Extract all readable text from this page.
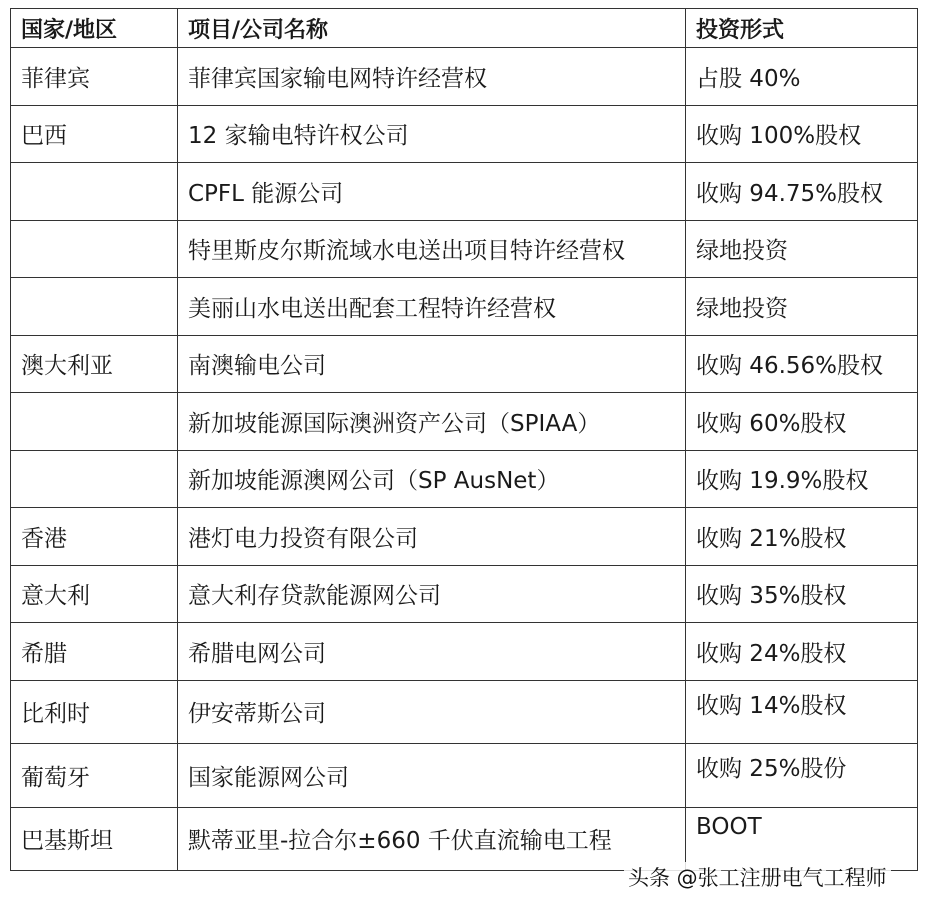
国家/地区	项目/公司名称	投资形式
菲律宾	菲律宾国家输电网特许经营权	占股 40%
巴西	12 家输电特许权公司	收购 100%股权
	CPFL 能源公司	收购 94.75%股权
	特里斯皮尔斯流域水电送出项目特许经营权	绿地投资
	美丽山水电送出配套工程特许经营权	绿地投资
澳大利亚	南澳输电公司	收购 46.56%股权
	新加坡能源国际澳洲资产公司（SPIAA）	收购 60%股权
	新加坡能源澳网公司（SP AusNet）	收购 19.9%股权
香港	港灯电力投资有限公司	收购 21%股权
意大利	意大利存贷款能源网公司	收购 35%股权
希腊	希腊电网公司	收购 24%股权
比利时	伊安蒂斯公司	收购 14%股权
葡萄牙	国家能源网公司	收购 25%股份
巴基斯坦	默蒂亚里-拉合尔±660 千伏直流输电工程	BOOT
头条 @张工注册电气工程师
